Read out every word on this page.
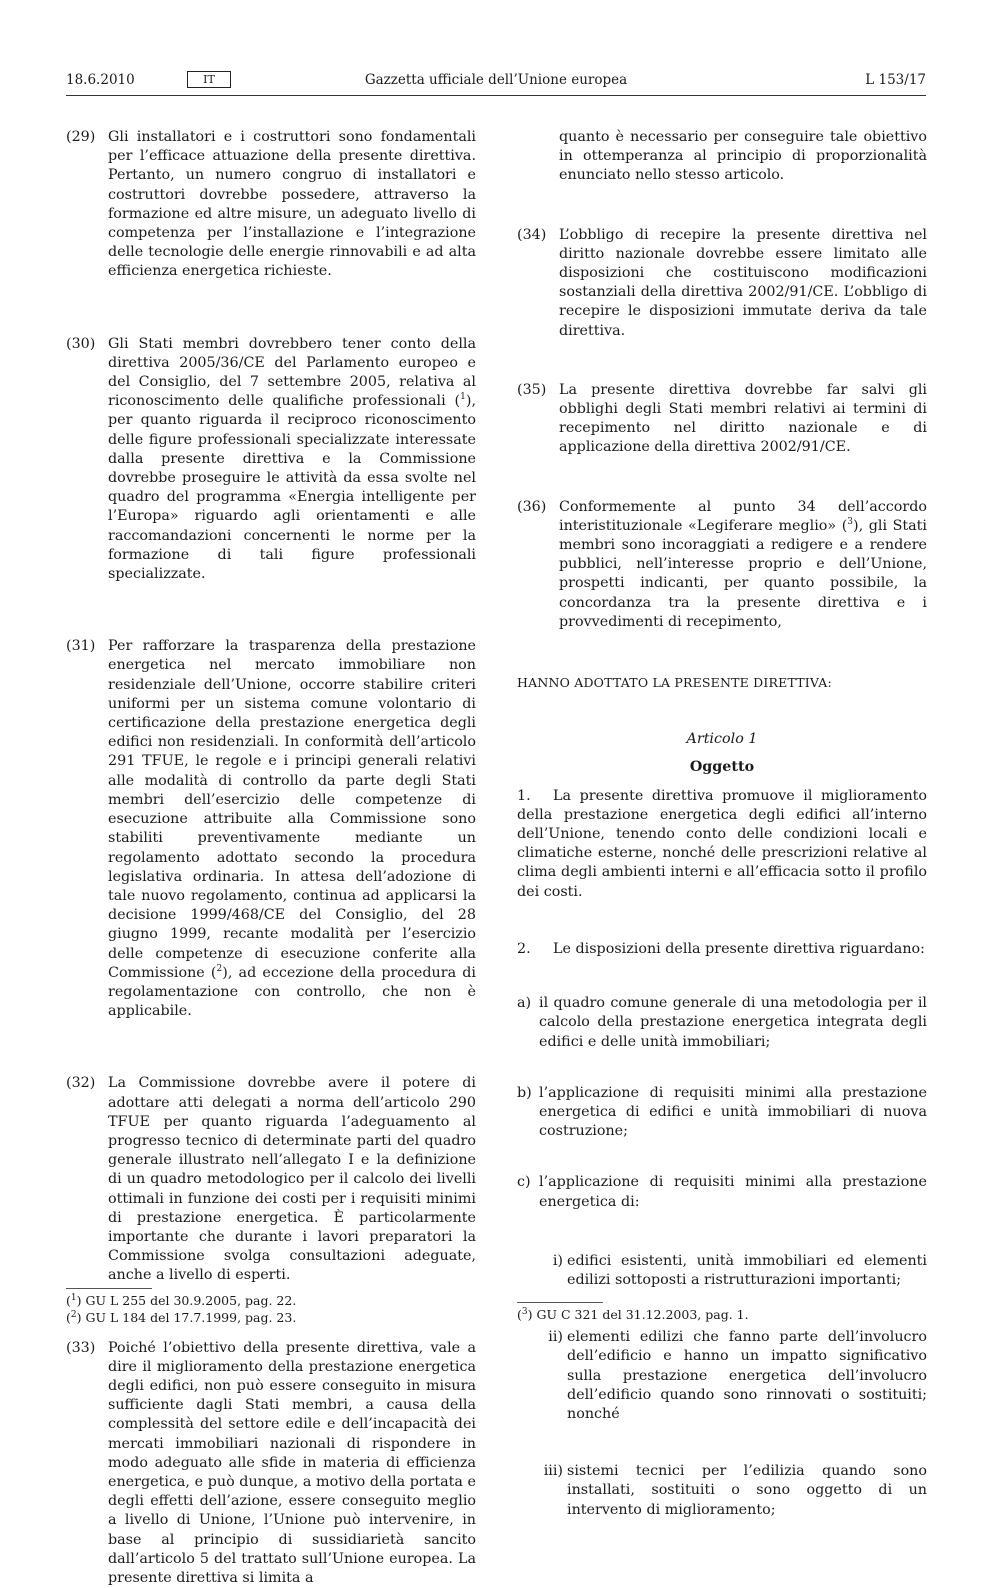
18.6.2010	IT	Gazzetta ufficiale dell’Unione europea	L 153/17
(29) Gli installatori e i costruttori sono fondamentali per l’efficace attuazione della presente direttiva. Pertanto, un numero congruo di installatori e costruttori dovrebbe possedere, attraverso la formazione ed altre misure, un adeguato livello di competenza per l’installazione e l’integrazione delle tecnologie delle energie rinnovabili e ad alta efficienza energetica richieste.
(30) Gli Stati membri dovrebbero tener conto della direttiva 2005/36/CE del Parlamento europeo e del Consiglio, del 7 settembre 2005, relativa al riconoscimento delle qualifiche professionali ($^1$), per quanto riguarda il reciproco riconoscimento delle figure professionali specializzate interessate dalla presente direttiva e la Commissione dovrebbe proseguire le attività da essa svolte nel quadro del programma «Energia intelligente per l’Europa» riguardo agli orientamenti e alle raccomandazioni concernenti le norme per la formazione di tali figure professionali specializzate.
(31) Per rafforzare la trasparenza della prestazione energetica nel mercato immobiliare non residenziale dell’Unione, occorre stabilire criteri uniformi per un sistema comune volontario di certificazione della prestazione energetica degli edifici non residenziali. In conformità dell’articolo 291 TFUE, le regole e i principi generali relativi alle modalità di controllo da parte degli Stati membri dell’esercizio delle competenze di esecuzione attribuite alla Commissione sono stabiliti preventivamente mediante un regolamento adottato secondo la procedura legislativa ordinaria. In attesa dell’adozione di tale nuovo regolamento, continua ad applicarsi la decisione 1999/468/CE del Consiglio, del 28 giugno 1999, recante modalità per l’esercizio delle competenze di esecuzione conferite alla Commissione ($^2$), ad eccezione della procedura di regolamentazione con controllo, che non è applicabile.
(32) La Commissione dovrebbe avere il potere di adottare atti delegati a norma dell’articolo 290 TFUE per quanto riguarda l’adeguamento al progresso tecnico di determinate parti del quadro generale illustrato nell’allegato I e la definizione di un quadro metodologico per il calcolo dei livelli ottimali in funzione dei costi per i requisiti minimi di prestazione energetica. È particolarmente importante che durante i lavori preparatori la Commissione svolga consultazioni adeguate, anche a livello di esperti.
(33) Poiché l’obiettivo della presente direttiva, vale a dire il miglioramento della prestazione energetica degli edifici, non può essere conseguito in misura sufficiente dagli Stati membri, a causa della complessità del settore edile e dell’incapacità dei mercati immobiliari nazionali di rispondere in modo adeguato alle sfide in materia di efficienza energetica, e può dunque, a motivo della portata e degli effetti dell’azione, essere conseguito meglio a livello di Unione, l’Unione può intervenire, in base al principio di sussidiarietà sancito dall’articolo 5 del trattato sull’Unione europea. La presente direttiva si limita a
($^1$) GU L 255 del 30.9.2005, pag. 22.
($^2$) GU L 184 del 17.7.1999, pag. 23.
quanto è necessario per conseguire tale obiettivo in ottemperanza al principio di proporzionalità enunciato nello stesso articolo.
(34) L’obbligo di recepire la presente direttiva nel diritto nazionale dovrebbe essere limitato alle disposizioni che costituiscono modificazioni sostanziali della direttiva 2002/91/CE. L’obbligo di recepire le disposizioni immutate deriva da tale direttiva.
(35) La presente direttiva dovrebbe far salvi gli obblighi degli Stati membri relativi ai termini di recepimento nel diritto nazionale e di applicazione della direttiva 2002/91/CE.
(36) Conformemente al punto 34 dell’accordo interistituzionale «Legiferare meglio» ($^3$), gli Stati membri sono incoraggiati a redigere e a rendere pubblici, nell’interesse proprio e dell’Unione, prospetti indicanti, per quanto possibile, la concordanza tra la presente direttiva e i provvedimenti di recepimento,
HANNO ADOTTATO LA PRESENTE DIRETTIVA:
Articolo 1
Oggetto
1. La presente direttiva promuove il miglioramento della prestazione energetica degli edifici all’interno dell’Unione, tenendo conto delle condizioni locali e climatiche esterne, nonché delle prescrizioni relative al clima degli ambienti interni e all’efficacia sotto il profilo dei costi.
2. Le disposizioni della presente direttiva riguardano:
a) il quadro comune generale di una metodologia per il calcolo della prestazione energetica integrata degli edifici e delle unità immobiliari;
b) l’applicazione di requisiti minimi alla prestazione energetica di edifici e unità immobiliari di nuova costruzione;
c) l’applicazione di requisiti minimi alla prestazione energetica di:
i) edifici esistenti, unità immobiliari ed elementi edilizi sottoposti a ristrutturazioni importanti;
ii) elementi edilizi che fanno parte dell’involucro dell’edificio e hanno un impatto significativo sulla prestazione energetica dell’involucro dell’edificio quando sono rinnovati o sostituiti; nonché
iii) sistemi tecnici per l’edilizia quando sono installati, sostituiti o sono oggetto di un intervento di miglioramento;
($^3$) GU C 321 del 31.12.2003, pag. 1.
